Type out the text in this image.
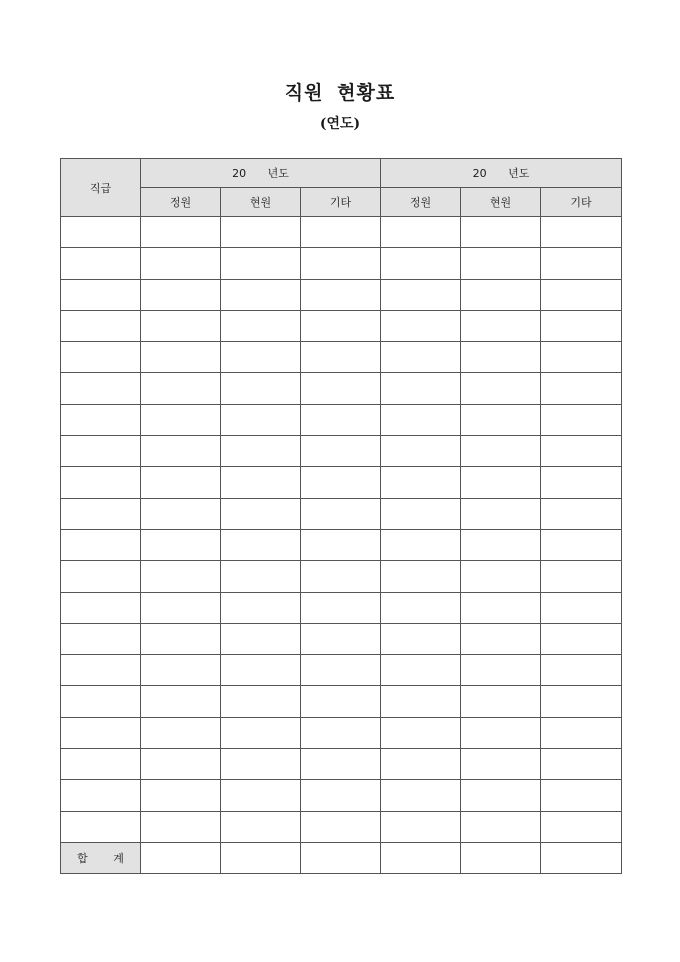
직원 현황표
(연도)
직급	20 년도			20 년도		
	정원	현원	기타	정원	현원	기타

합 계						
